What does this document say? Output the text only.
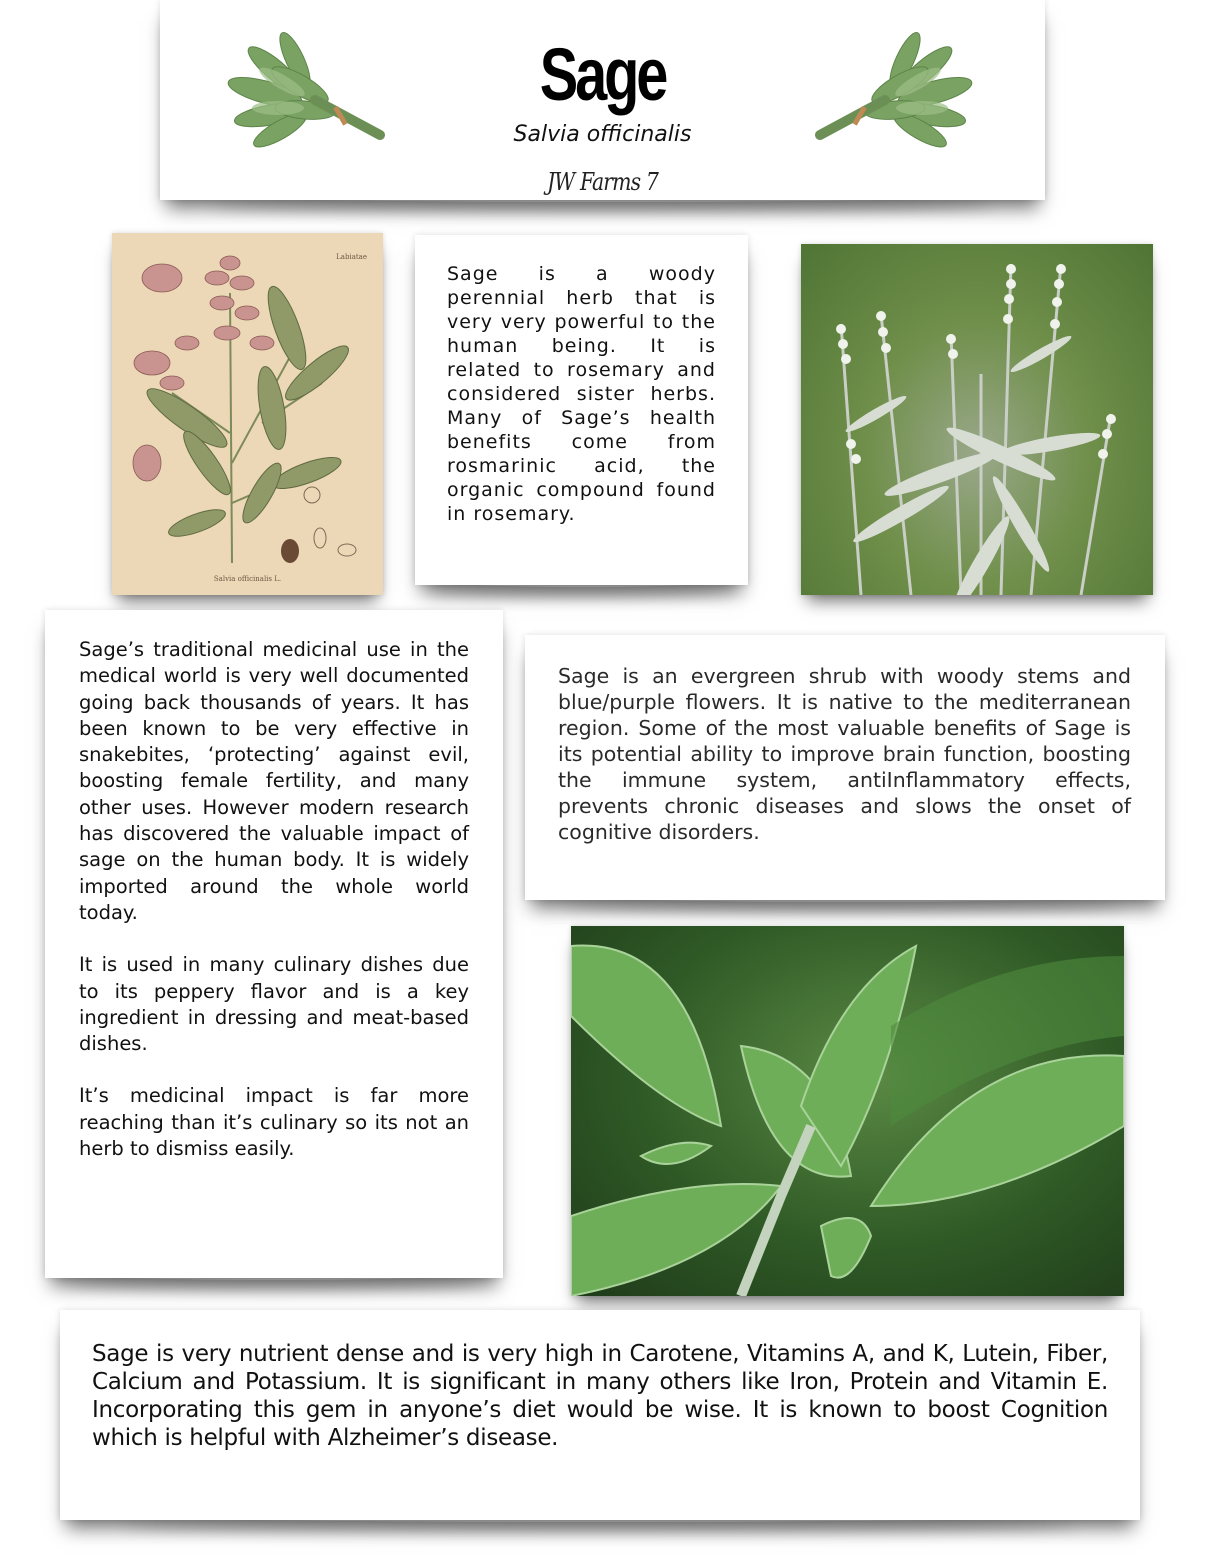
Sage
Salvia officinalis
JW Farms 7
Labiatae
Salvia officinalis L.
Sage is a woody perennial herb that is very very powerful to the human being. It is related to rosemary and considered sister herbs. Many of Sage’s health benefits come from rosmarinic acid, the organic compound found in rosemary.

Sage’s traditional medicinal use in the medical world is very well documented going back thousands of years. It has been known to be very effective in snakebites, ‘protecting’ against evil, boosting female fertility, and many other uses. However modern research has discovered the valuable impact of sage on the human body. It is widely imported around the whole world today.

It is used in many culinary dishes due to its peppery flavor and is a key ingredient in dressing and meat-based dishes.

It’s medicinal impact is far more reaching than it’s culinary so its not an herb to dismiss easily.

Sage is an evergreen shrub with woody stems and blue/purple flowers. It is native to the mediterranean region. Some of the most valuable benefits of Sage is its potential ability to improve brain function, boosting the immune system, antiInflammatory effects, prevents chronic diseases and slows the onset of cognitive disorders.
Sage is very nutrient dense and is very high in Carotene, Vitamins A, and K, Lutein, Fiber, Calcium and Potassium. It is significant in many others like Iron, Protein and Vitamin E. Incorporating this gem in anyone’s diet would be wise. It is known to boost Cognition which is helpful with Alzheimer’s disease.
